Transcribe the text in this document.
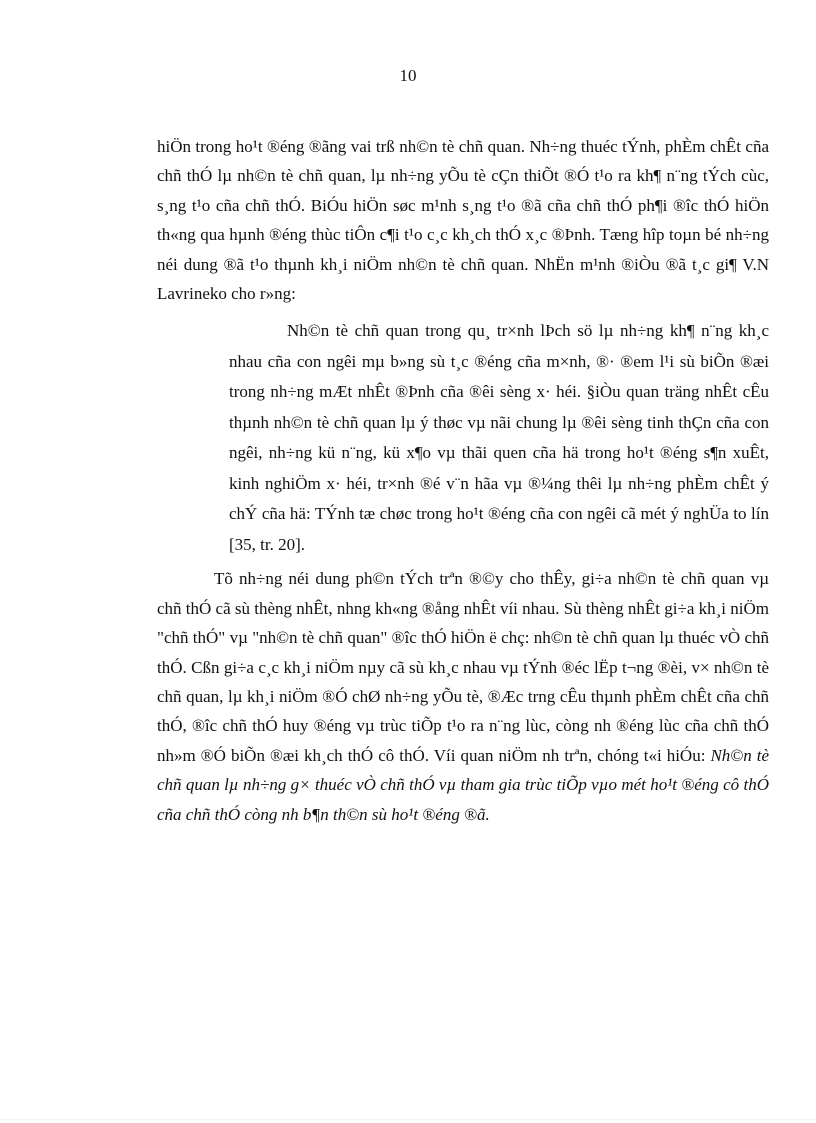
10

hiÖn trong ho¹t ®éng ®ãng vai trß nh©n tè chñ quan. Nh÷ng thuéc tÝnh, phÈm chÊt cña chñ thÓ lµ nh©n tè chñ quan, lµ nh÷ng yÕu tè cÇn thiÕt ®Ó t¹o ra kh¶ n¨ng tÝch cùc, s¸ng t¹o cña chñ thÓ. BiÓu hiÖn søc m¹nh s¸ng t¹o ®ã cña chñ thÓ ph¶i ®îc thÓ hiÖn th«ng qua hµnh ®éng thùc tiÔn c¶i t¹o c¸c kh¸ch thÓ x¸c ®Þnh. Tæng hîp toµn bé nh÷ng néi dung ®ã t¹o thµnh kh¸i niÖm nh©n tè chñ quan. NhËn m¹nh ®iÒu ®ã t¸c gi¶ V.N Lavrineko cho r»ng:

Nh©n tè chñ quan trong qu¸ tr×nh lÞch sö lµ nh÷ng kh¶ n¨ng kh¸c nhau cña con ngêi mµ b»ng sù t¸c ®éng cña m×nh, ®· ®em l¹i sù biÕn ®æi trong nh÷ng mÆt nhÊt ®Þnh cña ®êi sèng x· héi. §iÒu quan träng nhÊt cÊu thµnh nh©n tè chñ quan lµ ý thøc vµ nãi chung lµ ®êi sèng tinh thÇn cña con ngêi, nh÷ng kü n¨ng, kü x¶o vµ thãi quen cña hä trong ho¹t ®éng s¶n xuÊt, kinh nghiÖm x· héi, tr×nh ®é v¨n hãa vµ ®¼ng thêi lµ nh÷ng phÈm chÊt ý chÝ cña hä: TÝnh tæ chøc trong ho¹t ®éng cña con ngêi cã mét ý nghÜa to lín [35, tr. 20].

Tõ nh÷ng néi dung ph©n tÝch trªn ®©y cho thÊy, gi÷a nh©n tè chñ quan vµ chñ thÓ cã sù thèng nhÊt, nhng kh«ng ®ång nhÊt víi nhau. Sù thèng nhÊt gi÷a kh¸i niÖm "chñ thÓ" vµ "nh©n tè chñ quan" ®îc thÓ hiÖn ë chç: nh©n tè chñ quan lµ thuéc vÒ chñ thÓ. Cßn gi÷a c¸c kh¸i niÖm nµy cã sù kh¸c nhau vµ tÝnh ®éc lËp t¬ng ®èi, v× nh©n tè chñ quan, lµ kh¸i niÖm ®Ó chØ nh÷ng yÕu tè, ®Æc trng cÊu thµnh phÈm chÊt cña chñ thÓ, ®îc chñ thÓ huy ®éng vµ trùc tiÕp t¹o ra n¨ng lùc, còng nh ®éng lùc cña chñ thÓ nh»m ®Ó biÕn ®æi kh¸ch thÓ cô thÓ. Víi quan niÖm nh trªn, chóng t«i hiÓu: Nh©n tè chñ quan lµ nh÷ng g× thuéc vÒ chñ thÓ vµ tham gia trùc tiÕp vµo mét ho¹t ®éng cô thÓ cña chñ thÓ còng nh b¶n th©n sù ho¹t ®éng ®ã.
